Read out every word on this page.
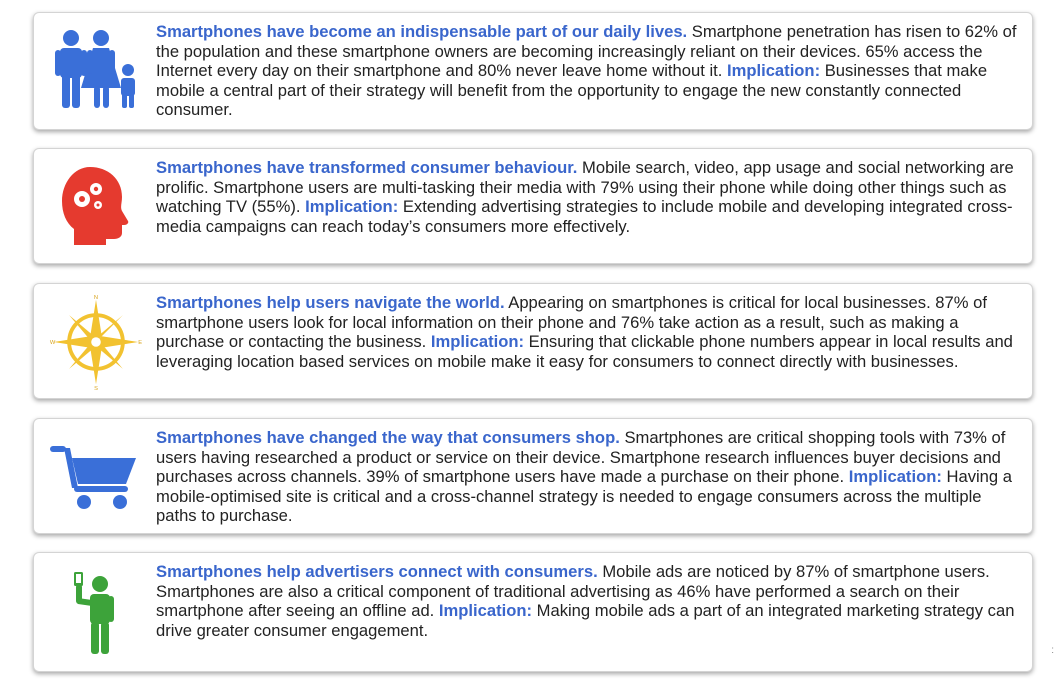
Smartphones have become an indispensable part of our daily lives. Smartphone penetration has risen to 62% of the population and these smartphone owners are becoming increasingly reliant on their devices. 65% access the Internet every day on their smartphone and 80% never leave home without it. Implication: Businesses that make mobile a central part of their strategy will benefit from the opportunity to engage the new constantly connected consumer.
Smartphones have transformed consumer behaviour. Mobile search, video, app usage and social networking are prolific. Smartphone users are multi-tasking their media with 79% using their phone while doing other things such as watching TV (55%). Implication: Extending advertising strategies to include mobile and developing integrated cross-media campaigns can reach today’s consumers more effectively.
N
S
W	E
Smartphones help users navigate the world. Appearing on smartphones is critical for local businesses. 87% of smartphone users look for local information on their phone and 76% take action as a result, such as making a purchase or contacting the business. Implication: Ensuring that clickable phone numbers appear in local results and leveraging location based services on mobile make it easy for consumers to connect directly with businesses.
Smartphones have changed the way that consumers shop. Smartphones are critical shopping tools with 73% of users having researched a product or service on their device. Smartphone research influences buyer decisions and purchases across channels. 39% of smartphone users have made a purchase on their phone. Implication: Having a mobile-optimised site is critical and a cross-channel strategy is needed to engage consumers across the multiple paths to purchase.
Smartphones help advertisers connect with consumers. Mobile ads are noticed by 87% of smartphone users. Smartphones are also a critical component of traditional advertising as 46% have performed a search on their smartphone after seeing an offline ad. Implication: Making mobile ads a part of an integrated marketing strategy can drive greater consumer engagement.
:
